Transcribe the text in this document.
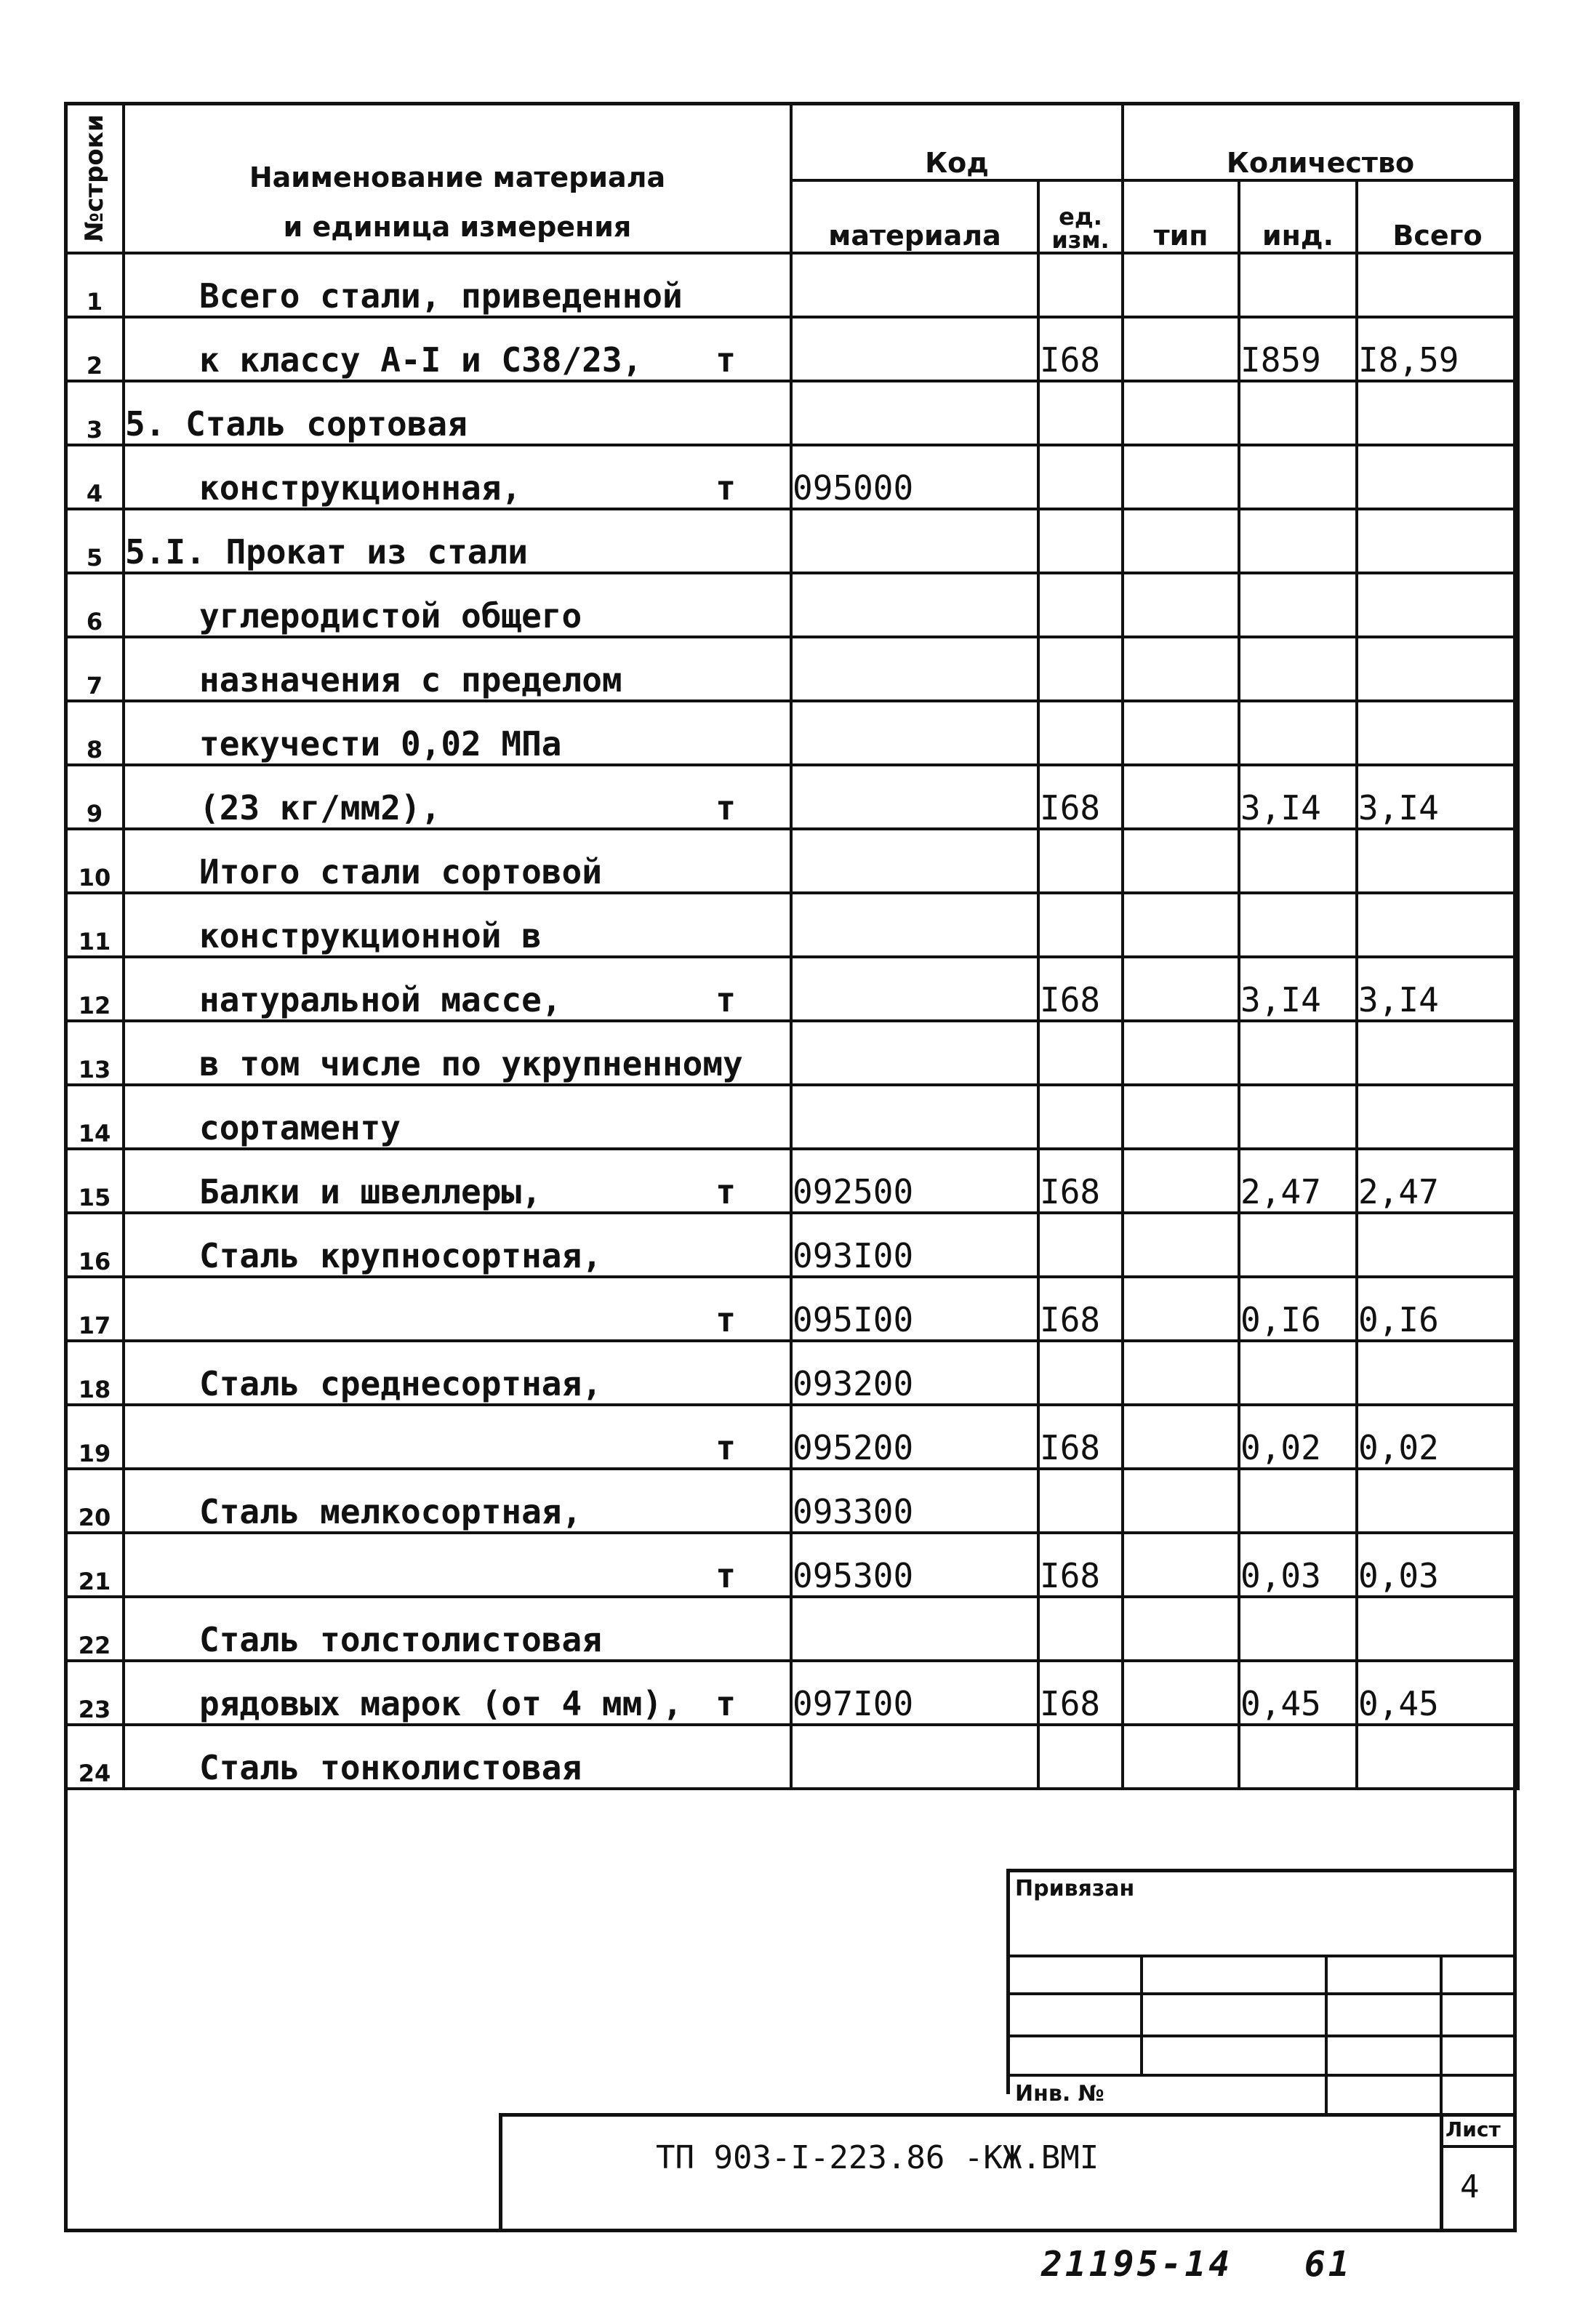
№строки	Наименование материала
и единица измерения	Код		Количество		
		материала	ед.
изм.	тип	инд.	Всего
1	Всего стали, приведенной

2	к классу А-I и С38/23, т		I68		I859	I8,59
3	5. Сталь сортовая

4	конструкционная, т	095000				
5	5.I. Прокат из стали

6	углеродистой общего

7	назначения с пределом

8	текучести 0,02 МПа

9	(23 кг/мм2), т		I68		3,I4	3,I4
10	Итого стали сортовой

11	конструкционной в

12	натуральной массе, т		I68		3,I4	3,I4
13	в том числе по укрупненному

14	сортаменту

15	Балки и швеллеры, т	092500	I68		2,47	2,47
16	Сталь крупносортная,	093I00				
17	т	095I00	I68		0,I6	0,I6
18	Сталь среднесортная,	093200				
19	т	095200	I68		0,02	0,02
20	Сталь мелкосортная,	093300				
21	т	095300	I68		0,03	0,03
22	Сталь толстолистовая

23	рядовых марок (от 4 мм), т	097I00	I68		0,45	0,45
24	Сталь тонколистовая

Привязан
Инв. №
ТП 903-I-223.86 -КЖ.ВМI
Лист
4
21195-14   61
